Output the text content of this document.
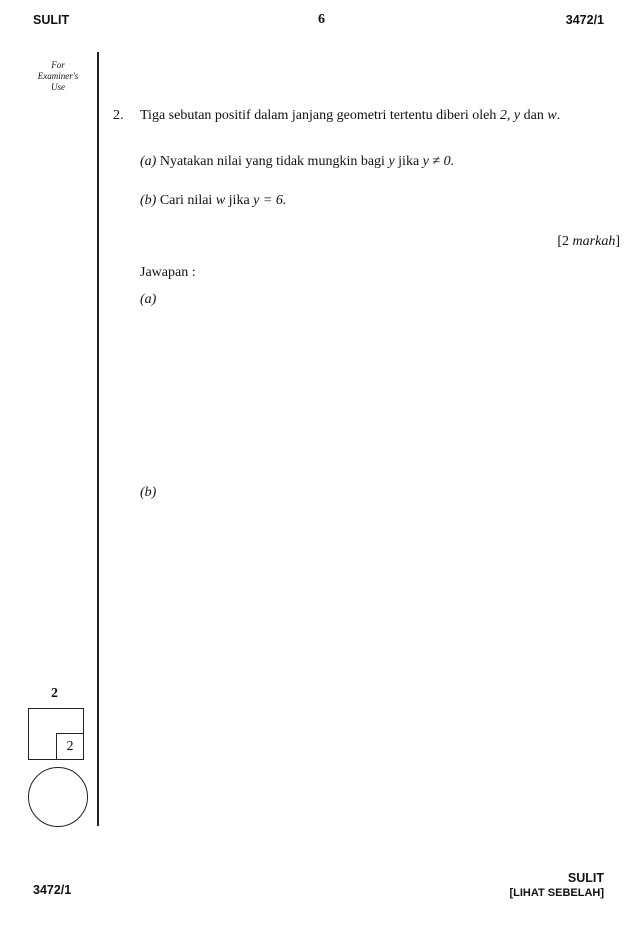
SULIT	6	3472/1
For
Examiner's
Use
2. Tiga sebutan positif dalam janjang geometri tertentu diberi oleh 2, y dan w.
(a) Nyatakan nilai yang tidak mungkin bagi y jika y ≠ 0.
(b) Cari nilai w jika y = 6.
[2 markah]
Jawapan :
(a)
(b)
2
2
3472/1
SULIT
[LIHAT SEBELAH]
